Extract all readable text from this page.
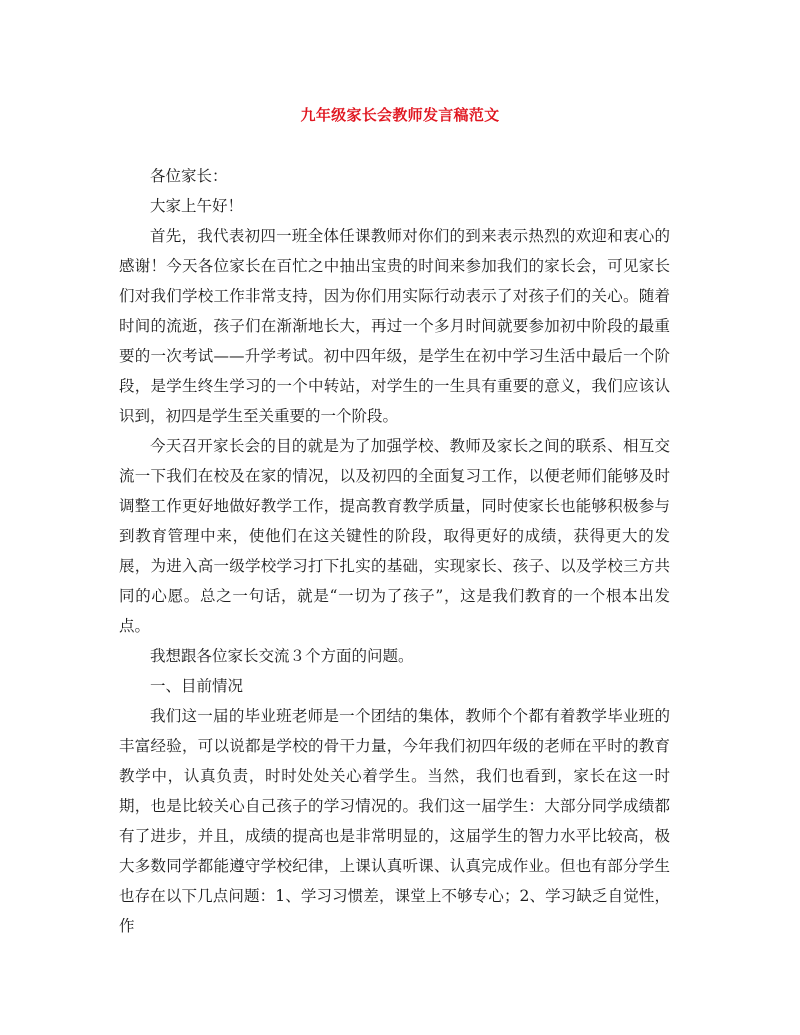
九年级家长会教师发言稿范文

各位家长：

大家上午好！

首先，我代表初四一班全体任课教师对你们的到来表示热烈的欢迎和衷心的感谢！今天各位家长在百忙之中抽出宝贵的时间来参加我们的家长会，可见家长们对我们学校工作非常支持，因为你们用实际行动表示了对孩子们的关心。随着时间的流逝，孩子们在渐渐地长大，再过一个多月时间就要参加初中阶段的最重要的一次考试——升学考试。初中四年级，是学生在初中学习生活中最后一个阶段，是学生终生学习的一个中转站，对学生的一生具有重要的意义，我们应该认识到，初四是学生至关重要的一个阶段。

今天召开家长会的目的就是为了加强学校、教师及家长之间的联系、相互交流一下我们在校及在家的情况，以及初四的全面复习工作，以便老师们能够及时调整工作更好地做好教学工作，提高教育教学质量，同时使家长也能够积极参与到教育管理中来，使他们在这关键性的阶段，取得更好的成绩，获得更大的发展，为进入高一级学校学习打下扎实的基础，实现家长、孩子、以及学校三方共同的心愿。总之一句话，就是“一切为了孩子”，这是我们教育的一个根本出发点。

我想跟各位家长交流３个方面的问题。

一、目前情况

我们这一届的毕业班老师是一个团结的集体，教师个个都有着教学毕业班的丰富经验，可以说都是学校的骨干力量，今年我们初四年级的老师在平时的教育教学中，认真负责，时时处处关心着学生。当然，我们也看到，家长在这一时期，也是比较关心自己孩子的学习情况的。我们这一届学生：大部分同学成绩都有了进步，并且，成绩的提高也是非常明显的，这届学生的智力水平比较高，极大多数同学都能遵守学校纪律，上课认真听课、认真完成作业。但也有部分学生也存在以下几点问题：1、学习习惯差，课堂上不够专心；2、学习缺乏自觉性，作
